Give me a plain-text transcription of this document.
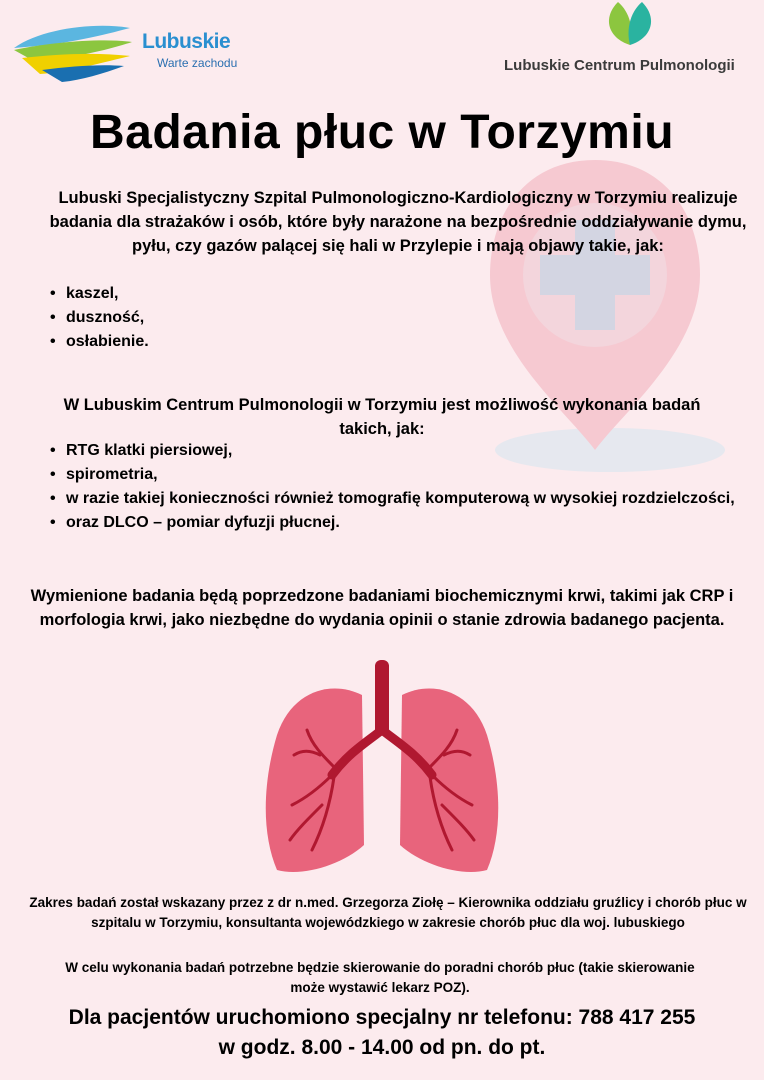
Lubuskie
Warte zachodu	Lubuskie Centrum Pulmonologii
Badania płuc w Torzymiu
Lubuski Specjalistyczny Szpital Pulmonologiczno-Kardiologiczny w Torzymiu realizuje badania dla strażaków i osób, które były narażone na bezpośrednie oddziaływanie dymu, pyłu, czy gazów palącej się hali w Przylepie i mają objawy takie, jak:
• kaszel,
• duszność,
• osłabienie.
W Lubuskim Centrum Pulmonologii w Torzymiu jest możliwość wykonania badań takich, jak:
• RTG klatki piersiowej,
• spirometria,
• w razie takiej konieczności również tomografię komputerową w wysokiej rozdzielczości,
• oraz DLCO – pomiar dyfuzji płucnej.
Wymienione badania będą poprzedzone badaniami biochemicznymi krwi, takimi jak CRP i morfologia krwi, jako niezbędne do wydania opinii o stanie zdrowia badanego pacjenta.
Zakres badań został wskazany przez z dr n.med. Grzegorza Ziołę – Kierownika oddziału gruźlicy i chorób płuc w szpitalu w Torzymiu, konsultanta wojewódzkiego w zakresie chorób płuc dla woj. lubuskiego
W celu wykonania badań potrzebne będzie skierowanie do poradni chorób płuc (takie skierowanie może wystawić lekarz POZ).
Dla pacjentów uruchomiono specjalny nr telefonu: 788 417 255
w godz. 8.00 - 14.00 od pn. do pt.
